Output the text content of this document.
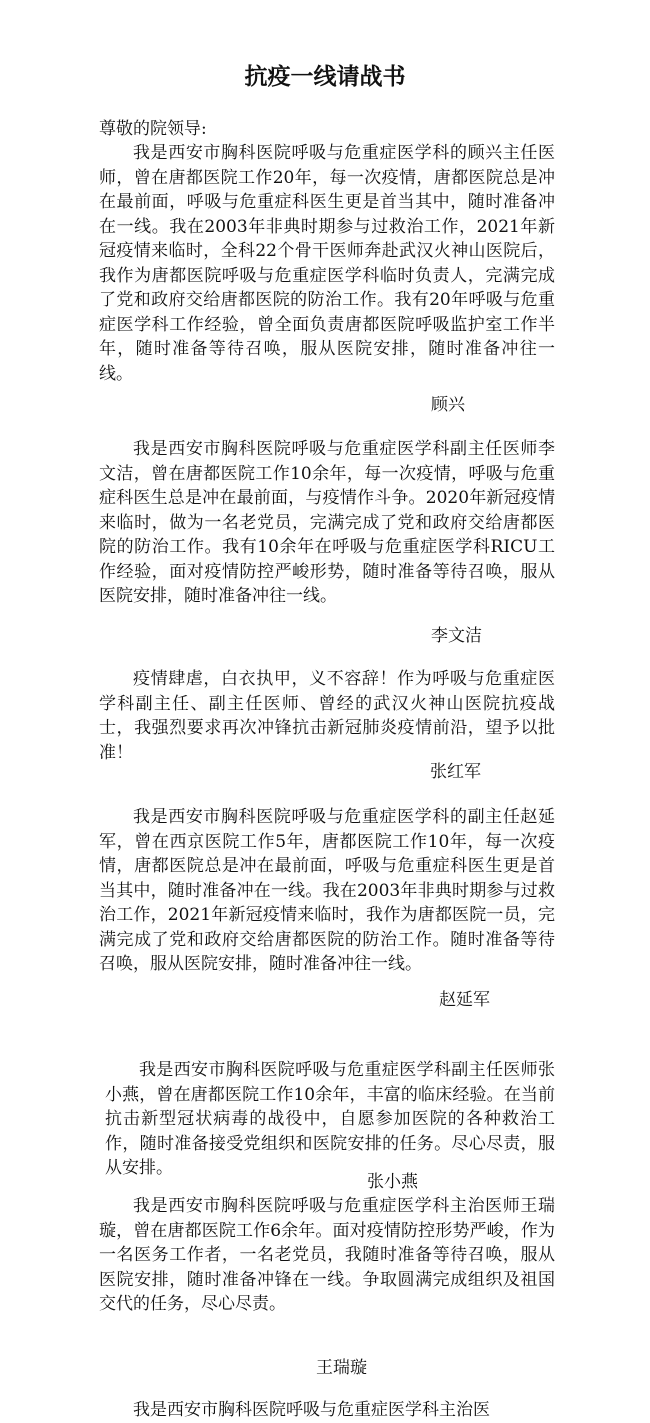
抗疫一线请战书

尊敬的院领导:

我是西安市胸科医院呼吸与危重症医学科的顾兴主任医师，曾在唐都医院工作20年，每一次疫情，唐都医院总是冲在最前面，呼吸与危重症科医生更是首当其中，随时准备冲在一线。我在2003年非典时期参与过救治工作，2021年新冠疫情来临时，全科22个骨干医师奔赴武汉火神山医院后，我作为唐都医院呼吸与危重症医学科临时负责人，完满完成了党和政府交给唐都医院的防治工作。我有20年呼吸与危重症医学科工作经验，曾全面负责唐都医院呼吸监护室工作半年，随时准备等待召唤，服从医院安排，随时准备冲往一线。

顾兴

我是西安市胸科医院呼吸与危重症医学科副主任医师李文洁，曾在唐都医院工作10余年，每一次疫情，呼吸与危重症科医生总是冲在最前面，与疫情作斗争。2020年新冠疫情来临时，做为一名老党员，完满完成了党和政府交给唐都医院的防治工作。我有10余年在呼吸与危重症医学科RICU工作经验，面对疫情防控严峻形势，随时准备等待召唤，服从医院安排，随时准备冲往一线。

李文洁

疫情肆虐，白衣执甲，义不容辞！作为呼吸与危重症医学科副主任、副主任医师、曾经的武汉火神山医院抗疫战士，我强烈要求再次冲锋抗击新冠肺炎疫情前沿，望予以批准！

张红军

我是西安市胸科医院呼吸与危重症医学科的副主任赵延军，曾在西京医院工作5年，唐都医院工作10年，每一次疫情，唐都医院总是冲在最前面，呼吸与危重症科医生更是首当其中，随时准备冲在一线。我在2003年非典时期参与过救治工作，2021年新冠疫情来临时，我作为唐都医院一员，完满完成了党和政府交给唐都医院的防治工作。随时准备等待召唤，服从医院安排，随时准备冲往一线。

赵延军

我是西安市胸科医院呼吸与危重症医学科副主任医师张小燕，曾在唐都医院工作10余年，丰富的临床经验。在当前抗击新型冠状病毒的战役中，自愿参加医院的各种救治工作，随时准备接受党组织和医院安排的任务。尽心尽责，服从安排。

张小燕

我是西安市胸科医院呼吸与危重症医学科主治医师王瑞璇，曾在唐都医院工作6余年。面对疫情防控形势严峻，作为一名医务工作者，一名老党员，我随时准备等待召唤，服从医院安排，随时准备冲锋在一线。争取圆满完成组织及祖国交代的任务，尽心尽责。

王瑞璇

我是西安市胸科医院呼吸与危重症医学科主治医
